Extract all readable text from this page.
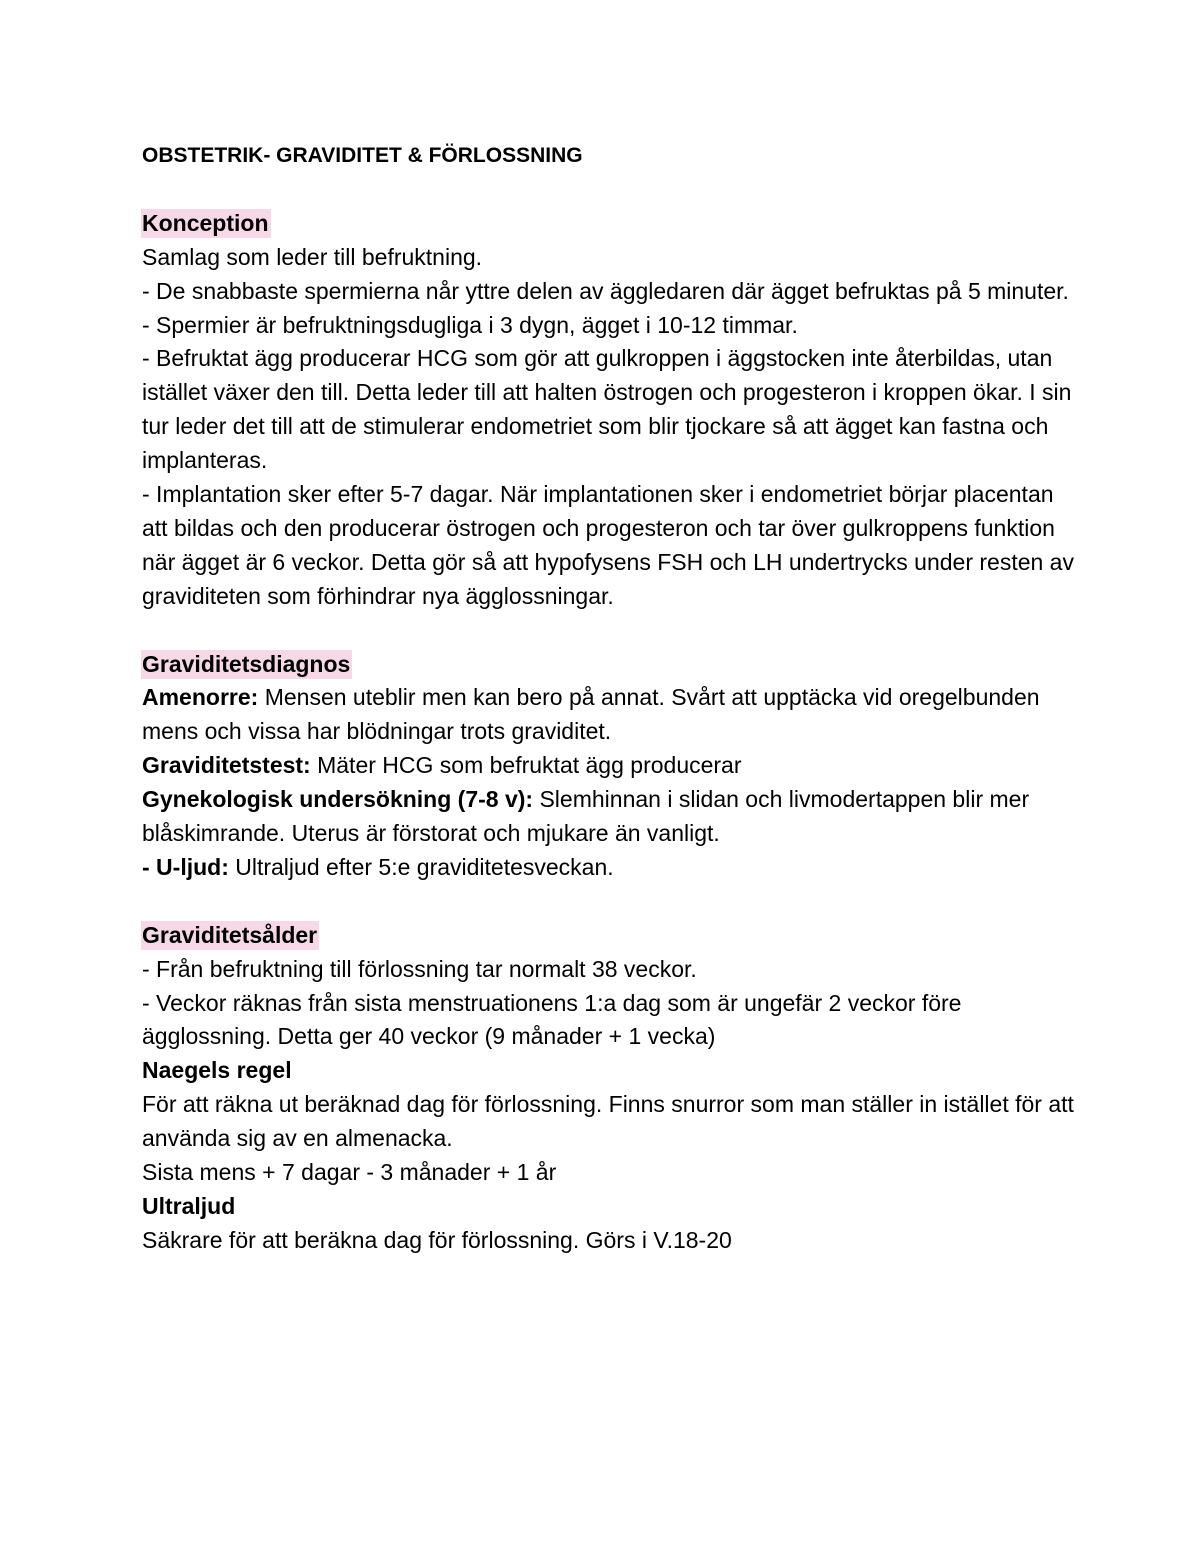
OBSTETRIK- GRAVIDITET & FÖRLOSSNING

Konception

Samlag som leder till befruktning.

- De snabbaste spermierna når yttre delen av äggledaren där ägget befruktas på 5 minuter.

- Spermier är befruktningsdugliga i 3 dygn, ägget i 10-12 timmar.

- Befruktat ägg producerar HCG som gör att gulkroppen i äggstocken inte återbildas, utan istället växer den till. Detta leder till att halten östrogen och progesteron i kroppen ökar. I sin tur leder det till att de stimulerar endometriet som blir tjockare så att ägget kan fastna och implanteras.

- Implantation sker efter 5-7 dagar. När implantationen sker i endometriet börjar placentan att bildas och den producerar östrogen och progesteron och tar över gulkroppens funktion när ägget är 6 veckor. Detta gör så att hypofysens FSH och LH undertrycks under resten av graviditeten som förhindrar nya ägglossningar.

Graviditetsdiagnos

Amenorre: Mensen uteblir men kan bero på annat. Svårt att upptäcka vid oregelbunden mens och vissa har blödningar trots graviditet.

Graviditetstest: Mäter HCG som befruktat ägg producerar

Gynekologisk undersökning (7-8 v): Slemhinnan i slidan och livmodertappen blir mer blåskimrande. Uterus är förstorat och mjukare än vanligt.

- U-ljud: Ultraljud efter 5:e graviditetesveckan.

Graviditetsålder

- Från befruktning till förlossning tar normalt 38 veckor.

- Veckor räknas från sista menstruationens 1:a dag som är ungefär 2 veckor före ägglossning. Detta ger 40 veckor (9 månader + 1 vecka)

Naegels regel

För att räkna ut beräknad dag för förlossning. Finns snurror som man ställer in istället för att använda sig av en almenacka.

Sista mens + 7 dagar - 3 månader + 1 år

Ultraljud

Säkrare för att beräkna dag för förlossning. Görs i V.18-20
